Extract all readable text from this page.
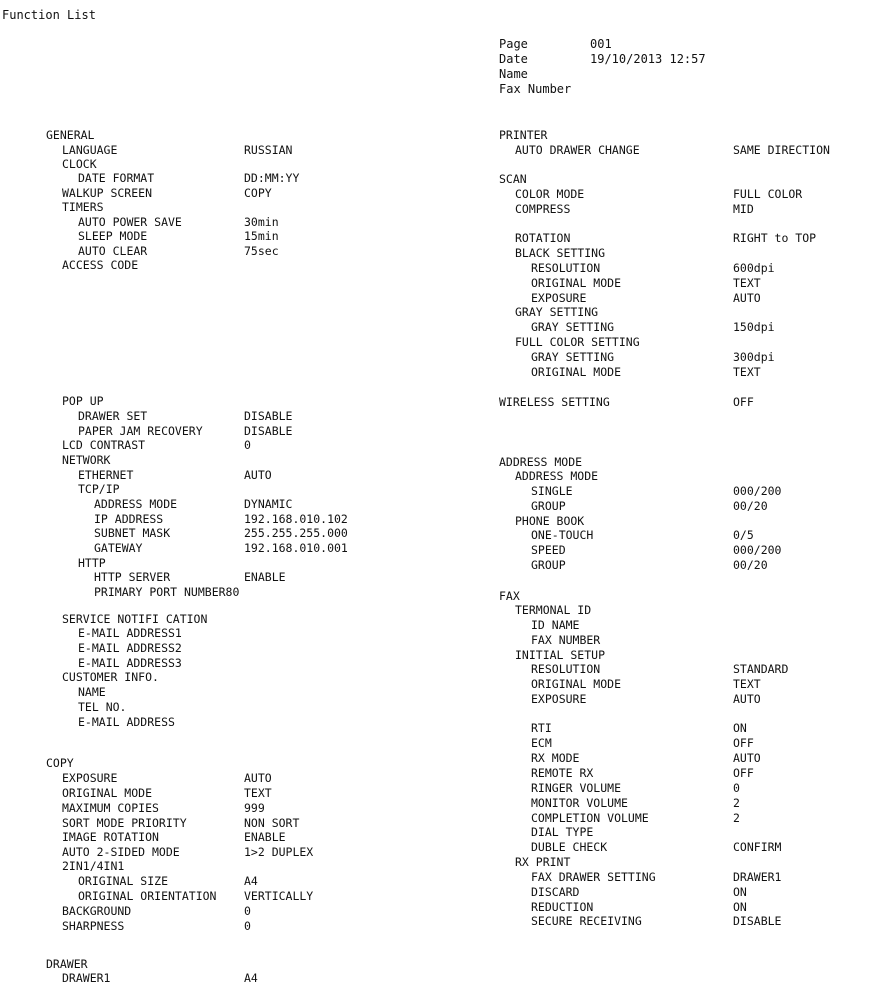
Function List
Page	001
Date	19/10/2013 12:57
Name
Fax Number
GENERAL
LANGUAGE	RUSSIAN
CLOCK
DATE FORMAT	DD:MM:YY
WALKUP SCREEN	COPY
TIMERS
AUTO POWER SAVE	30min
SLEEP MODE	15min
AUTO CLEAR	75sec
ACCESS CODE
POP UP
DRAWER SET	DISABLE
PAPER JAM RECOVERY	DISABLE
LCD CONTRAST	0
NETWORK
ETHERNET	AUTO
TCP/IP
ADDRESS MODE	DYNAMIC
IP ADDRESS	192.168.010.102
SUBNET MASK	255.255.255.000
GATEWAY	192.168.010.001
HTTP
HTTP SERVER	ENABLE
PRIMARY PORT NUMBER80
SERVICE NOTIFI CATION
E-MAIL ADDRESS1
E-MAIL ADDRESS2
E-MAIL ADDRESS3
CUSTOMER INFO.
NAME
TEL NO.
E-MAIL ADDRESS
COPY
EXPOSURE	AUTO
ORIGINAL MODE	TEXT
MAXIMUM COPIES	999
SORT MODE PRIORITY	NON SORT
IMAGE ROTATION	ENABLE
AUTO 2-SIDED MODE	1>2 DUPLEX
2IN1/4IN1
ORIGINAL SIZE	A4
ORIGINAL ORIENTATION VERTICALLY
BACKGROUND	0
SHARPNESS	0
DRAWER
DRAWER1	A4
PRINTER
AUTO DRAWER CHANGE	SAME DIRECTION
SCAN
COLOR MODE	FULL COLOR
COMPRESS	MID
ROTATION	RIGHT to TOP
BLACK SETTING
RESOLUTION	600dpi
ORIGINAL MODE	TEXT
EXPOSURE	AUTO
GRAY SETTING
GRAY SETTING	150dpi
FULL COLOR SETTING
GRAY SETTING	300dpi
ORIGINAL MODE	TEXT
WIRELESS SETTING	OFF
ADDRESS MODE
ADDRESS MODE
SINGLE	000/200
GROUP	00/20
PHONE BOOK
ONE-TOUCH	0/5
SPEED	000/200
GROUP	00/20
FAX
TERMONAL ID
ID NAME
FAX NUMBER
INITIAL SETUP
RESOLUTION	STANDARD
ORIGINAL MODE	TEXT
EXPOSURE	AUTO
RTI	ON
ECM	OFF
RX MODE	AUTO
REMOTE RX	OFF
RINGER VOLUME	0
MONITOR VOLUME	2
COMPLETION VOLUME	2
DIAL TYPE
DUBLE CHECK	CONFIRM
RX PRINT
FAX DRAWER SETTING	DRAWER1
DISCARD	ON
REDUCTION	ON
SECURE RECEIVING	DISABLE
